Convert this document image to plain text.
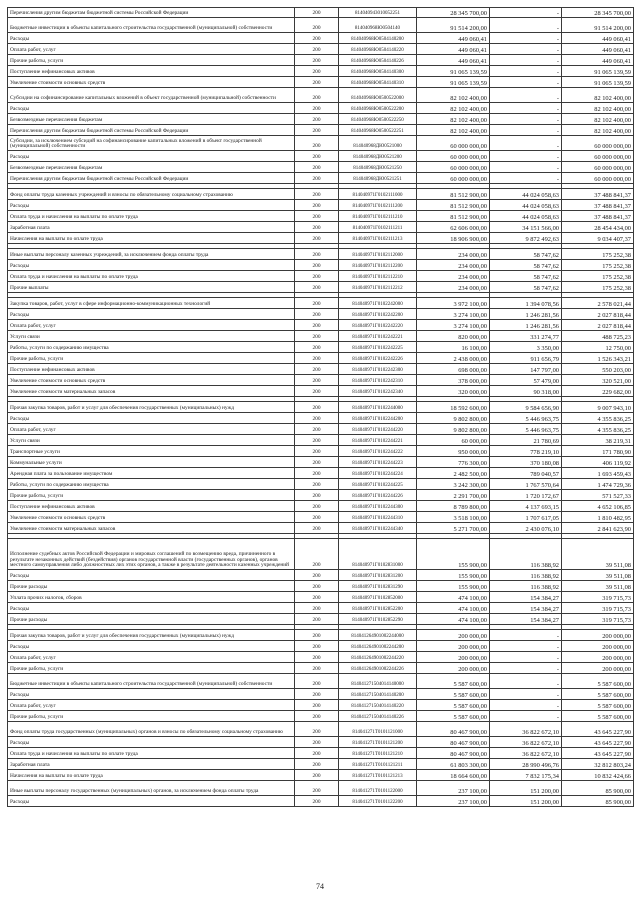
Перечисления другим бюджетам бюджетной системы Российской Федерации	200	814040943010052251	28 345 700,00	-	28 345 700,00
Бюджетные инвестиции в объекты капитального строительства государственной (муниципальной) собственности	200	814040968Ю0504140	91 514 200,00	-	91 514 200,00
Расходы	200	814040968Ю0504140200	449 060,41	-	449 060,41
Оплата работ, услуг	200	814040968Ю0504140220	449 060,41	-	449 060,41
Прочие работы, услуги	200	814040968Ю0504140226	449 060,41	-	449 060,41
Поступление нефинансовых активов	200	814040968Ю0504140300	91 065 139,59	-	91 065 139,59
Увеличение стоимости основных средств	200	814040968Ю0504140310	91 065 139,59	-	91 065 139,59
Субсидии на софинансирование капитальных вложений в объект государственной (муниципальной) собственности	200	814040968Ю0500522000	82 102 400,00	-	82 102 400,00
Расходы	200	814040968Ю0500522200	82 102 400,00	-	82 102 400,00
Безвозмездные перечисления бюджетам	200	814040968Ю0500522250	82 102 400,00	-	82 102 400,00
Перечисления другим бюджетам бюджетной системы Российской Федерации	200	814040968Ю0500522251	82 102 400,00	-	82 102 400,00
Субсидии, за исключением субсидий на софинансирование капитальных вложений в объект государственной (муниципальной) собственности	200	814040968ДЮ0521000	60 000 000,00	-	60 000 000,00
Расходы	200	814040968ДЮ0521200	60 000 000,00	-	60 000 000,00
Безвозмездные перечисления бюджетам	200	814040968ДЮ0521250	60 000 000,00	-	60 000 000,00
Перечисления другим бюджетам бюджетной системы Российской Федерации	200	814040968ДЮ0521251	60 000 000,00	-	60 000 000,00

Фонд оплаты труда казенных учреждений и взносы по обязательному социальному страхованию	200	814040971Г0102111000	81 512 900,00	44 024 058,63	37 488 841,37
Расходы	200	814040971Г0102111200	81 512 900,00	44 024 058,63	37 488 841,37
Оплата труда и начисления на выплаты по оплате труда	200	814040971Г0102111210	81 512 900,00	44 024 058,63	37 488 841,37
Заработная плата	200	814040971Г0102111211	62 606 000,00	34 151 566,00	28 454 434,00
Начисления на выплаты по оплате труда	200	814040971Г0102111213	18 906 900,00	9 872 492,63	9 034 407,37

Иные выплаты персоналу казенных учреждений, за исключением фонда оплаты труда	200	814040971Г0102112000	234 000,00	58 747,62	175 252,38
Расходы	200	814040971Г0102112200	234 000,00	58 747,62	175 252,38
Оплата труда и начисления на выплаты по оплате труда	200	814040971Г0102112210	234 000,00	58 747,62	175 252,38
Прочие выплаты	200	814040971Г0102112212	234 000,00	58 747,62	175 252,38

Закупка товаров, работ, услуг в сфере информационно-коммуникационных технологий	200	814040971Г0102242000	3 972 100,00	1 394 078,56	2 578 021,44
Расходы	200	814040971Г0102242200	3 274 100,00	1 246 281,56	2 027 818,44
Оплата работ, услуг	200	814040971Г0102242220	3 274 100,00	1 246 281,56	2 027 818,44
Услуги связи	200	814040971Г0102242221	820 000,00	331 274,77	488 725,23
Работы, услуги по содержанию имущества	200	814040971Г0102242225	16 100,00	3 350,00	12 750,00
Прочие работы, услуги	200	814040971Г0102242226	2 438 000,00	911 656,79	1 526 343,21
Поступление нефинансовых активов	200	814040971Г0102242300	698 000,00	147 797,00	550 203,00
Увеличение стоимости основных средств	200	814040971Г0102242310	378 000,00	57 479,00	320 521,00
Увеличение стоимости материальных запасов	200	814040971Г0102242340	320 000,00	90 318,00	229 682,00

Прочая закупка товаров, работ и услуг для обеспечения государственных (муниципальных) нужд	200	814040971Г0102244000	18 592 600,00	9 584 656,90	9 007 943,10
Расходы	200	814040971Г0102244200	9 802 800,00	5 446 963,75	4 355 836,25
Оплата работ, услуг	200	814040971Г0102244220	9 802 800,00	5 446 963,75	4 355 836,25
Услуги связи	200	814040971Г0102244221	60 000,00	21 780,69	38 219,31
Транспортные услуги	200	814040971Г0102244222	950 000,00	778 219,10	171 780,90
Коммунальные услуги	200	814040971Г0102244223	776 300,00	370 180,08	406 119,92
Арендная плата за пользование имуществом	200	814040971Г0102244224	2 482 500,00	789 040,57	1 693 459,43
Работы, услуги по содержанию имущества	200	814040971Г0102244225	3 242 300,00	1 767 570,64	1 474 729,36
Прочие работы, услуги	200	814040971Г0102244226	2 291 700,00	1 720 172,67	571 527,33
Поступление нефинансовых активов	200	814040971Г0102244300	8 789 800,00	4 137 693,15	4 652 106,85
Увеличение стоимости основных средств	200	814040971Г0102244310	3 518 100,00	1 707 617,05	1 810 482,95
Увеличение стоимости материальных запасов	200	814040971Г0102244340	5 271 700,00	2 430 076,10	2 841 623,90

Исполнение судебных актов Российской Федерации и мировых соглашений по возмещению вреда, причиненного в результате незаконных действий (бездействия) органов государственной власти (государственных органов), органов местного самоуправления либо должностных лих этих органов, а также в результате деятельности казенных учреждений	200	814040971Г0102831000	155 900,00	116 388,92	39 511,08
Расходы	200	814040971Г0102831200	155 900,00	116 388,92	39 511,08
Прочие расходы	200	814040971Г0102831290	155 900,00	116 388,92	39 511,08
Уплата прочих налогов, сборов	200	814040971Г0102852000	474 100,00	154 384,27	319 715,73
Расходы	200	814040971Г0102852200	474 100,00	154 384,27	319 715,73
Прочие расходы	200	814040971Г0102852290	474 100,00	154 384,27	319 715,73

Прочая закупка товаров, работ и услуг для обеспечения государственных (муниципальных) нужд	200	814041264901002244000	200 000,00	-	200 000,00
Расходы	200	814041264901002244200	200 000,00	-	200 000,00
Оплата работ, услуг	200	814041264901002244220	200 000,00	-	200 000,00
Прочие работы, услуги	200	814041264901002244226	200 000,00	-	200 000,00
Бюджетные инвестиции в объекты капитального строительства государственной (муниципальной) собственности	200	814041271504014140000	5 587 600,00	-	5 587 600,00
Расходы	200	814041271504014140200	5 587 600,00	-	5 587 600,00
Оплата работ, услуг	200	814041271504014140220	5 587 600,00	-	5 587 600,00
Прочие работы, услуги	200	814041271504014140226	5 587 600,00	-	5 587 600,00
Фонд оплаты труда государственных (муниципальных) органов и взносы по обязательному социальному страхованию	200	814041271Т0101121000	80 467 900,00	36 822 672,10	43 645 227,90
Расходы	200	814041271Т0101121200	80 467 900,00	36 822 672,10	43 645 227,90
Оплата труда и начисления на выплаты по оплате труда	200	814041271Т0101121210	80 467 900,00	36 822 672,10	43 645 227,90
Заработная плата	200	814041271Т0101121211	61 803 300,00	28 990 496,76	32 812 803,24
Начисления на выплаты по оплате труда	200	814041271Т0101121213	18 664 600,00	7 832 175,34	10 832 424,66
Иные выплаты персоналу государственных (муниципальных) органов, за исключением фонда оплаты труда	200	814041271Т0101122000	237 100,00	151 200,00	85 900,00
Расходы	200	814041271Т0101122200	237 100,00	151 200,00	85 900,00
74
